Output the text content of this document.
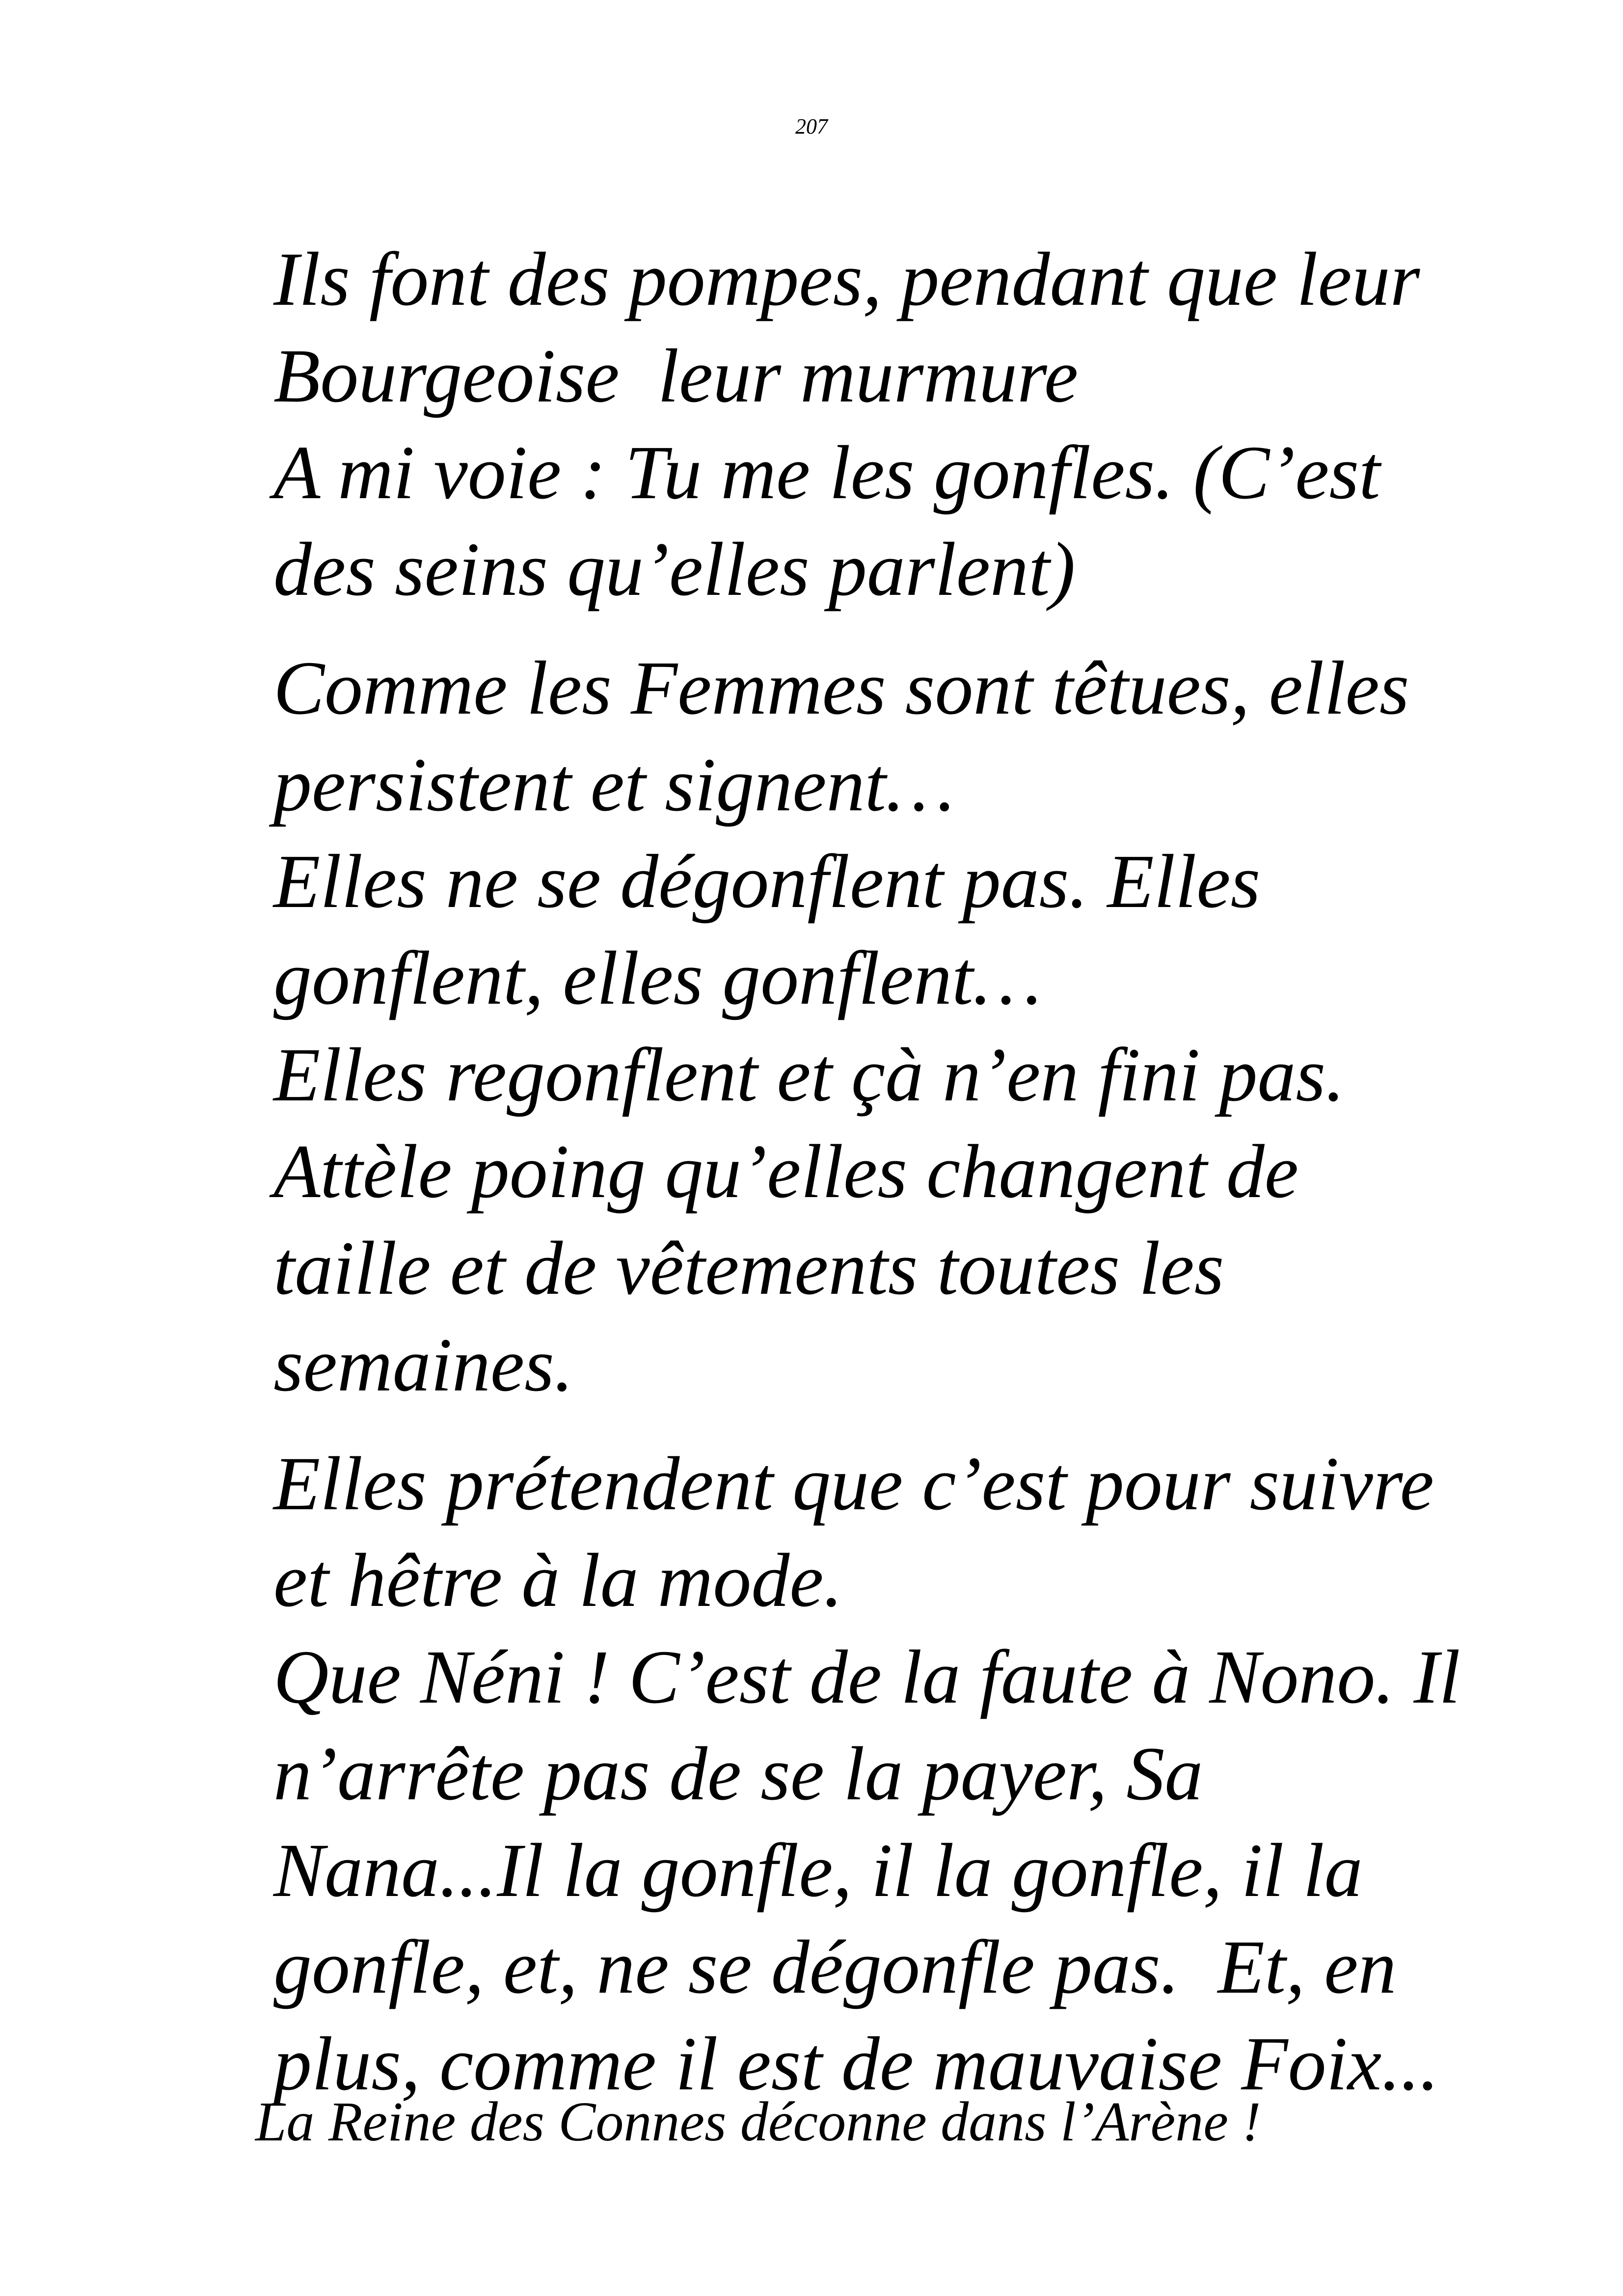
207

Ils font des pompes, pendant que leur
Bourgeoise  leur murmure
A mi voie : Tu me les gonfles. (C’est
des seins qu’elles parlent)

Comme les Femmes sont têtues, elles
persistent et signent…
Elles ne se dégonflent pas. Elles
gonflent, elles gonflent…
Elles regonflent et çà n’en fini pas.
Attèle poing qu’elles changent de
taille et de vêtements toutes les
semaines.

Elles prétendent que c’est pour suivre
et hêtre à la mode.
Que Néni ! C’est de la faute à Nono. Il
n’arrête pas de se la payer, Sa
Nana...Il la gonfle, il la gonfle, il la
gonfle, et, ne se dégonfle pas.  Et, en
plus, comme il est de mauvaise Foix...

La Reine des Connes déconne dans l’Arène !
